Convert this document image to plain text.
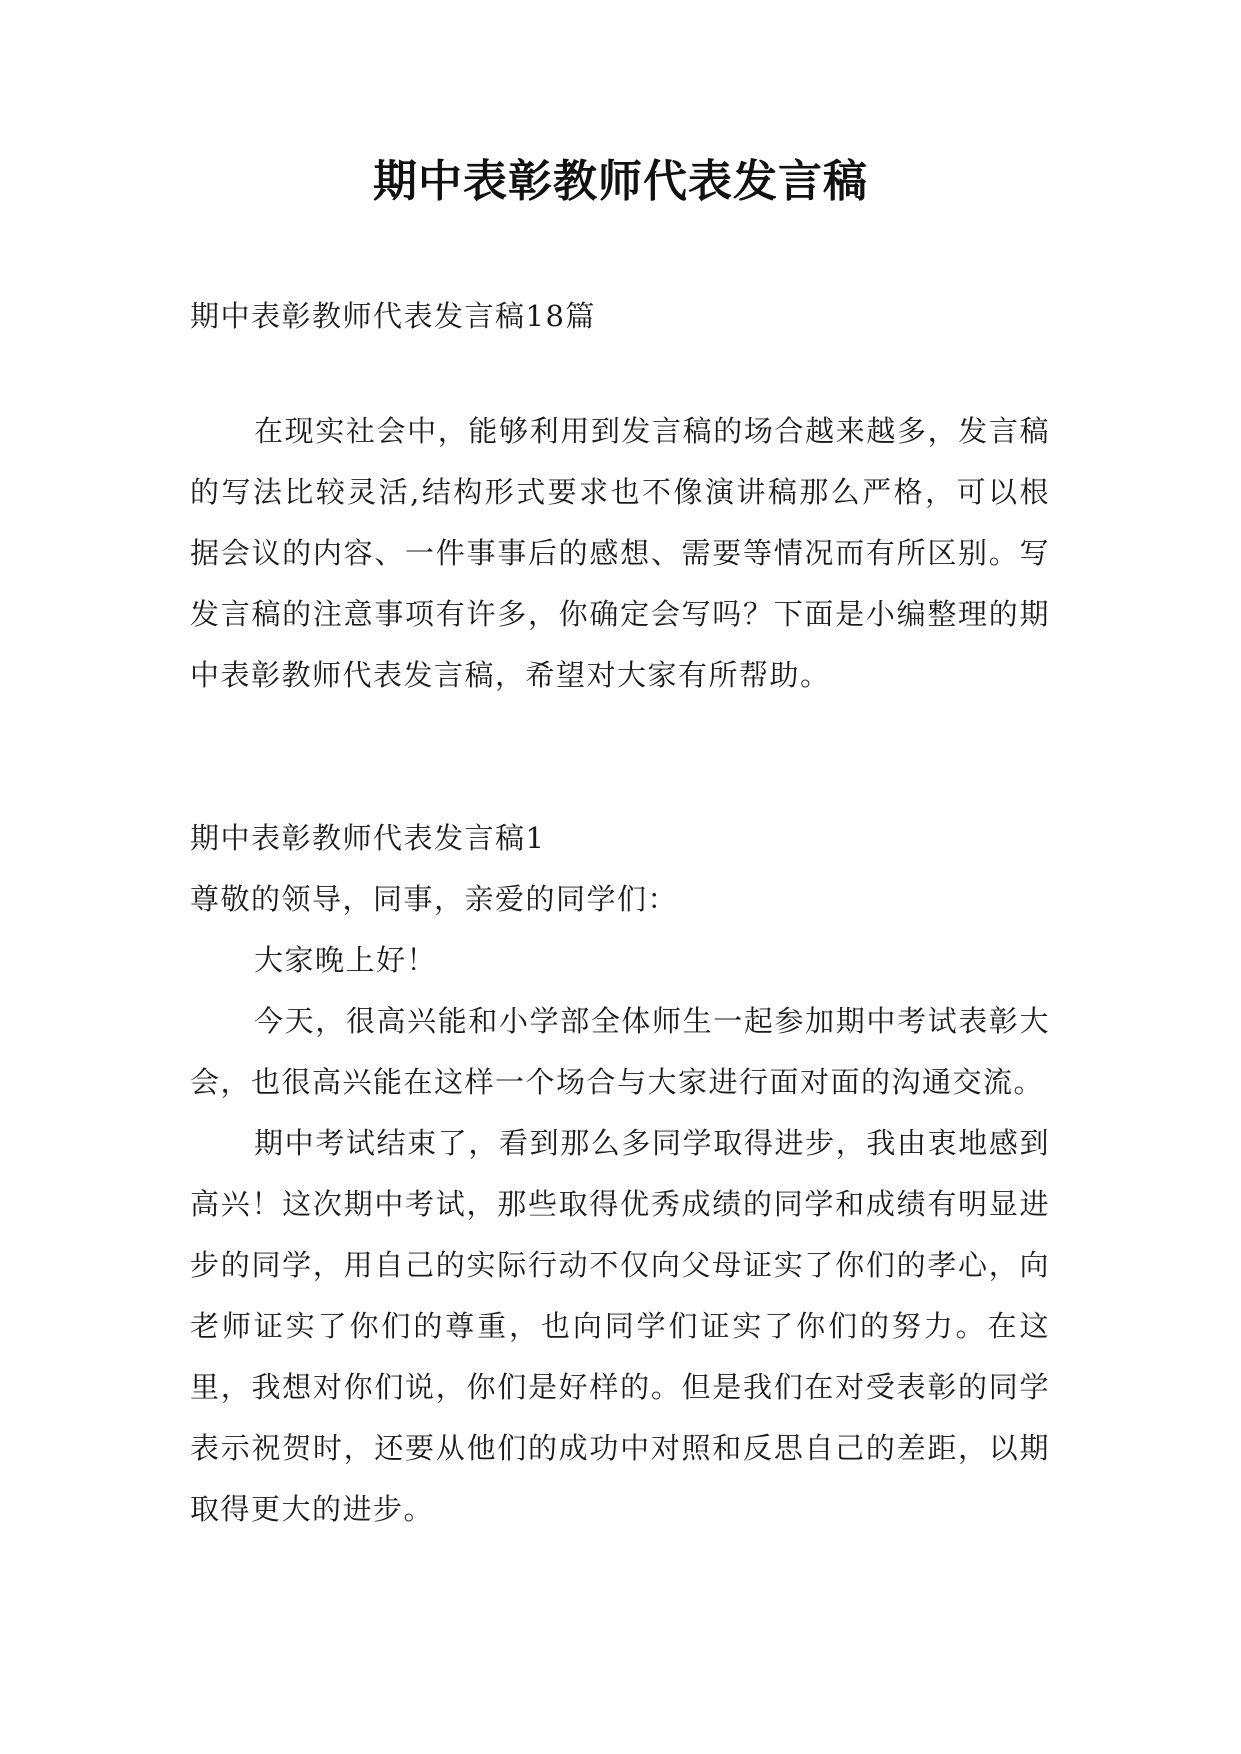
期中表彰教师代表发言稿

期中表彰教师代表发言稿18篇

在现实社会中，能够利用到发言稿的场合越来越多，发言稿的写法比较灵活,结构形式要求也不像演讲稿那么严格，可以根据会议的内容、一件事事后的感想、需要等情况而有所区别。写发言稿的注意事项有许多，你确定会写吗？下面是小编整理的期中表彰教师代表发言稿，希望对大家有所帮助。

期中表彰教师代表发言稿1

尊敬的领导，同事，亲爱的同学们：

大家晚上好！

今天，很高兴能和小学部全体师生一起参加期中考试表彰大会，也很高兴能在这样一个场合与大家进行面对面的沟通交流。

期中考试结束了，看到那么多同学取得进步，我由衷地感到高兴！这次期中考试，那些取得优秀成绩的同学和成绩有明显进步的同学，用自己的实际行动不仅向父母证实了你们的孝心，向老师证实了你们的尊重，也向同学们证实了你们的努力。在这里，我想对你们说，你们是好样的。但是我们在对受表彰的同学表示祝贺时，还要从他们的成功中对照和反思自己的差距，以期取得更大的进步。
